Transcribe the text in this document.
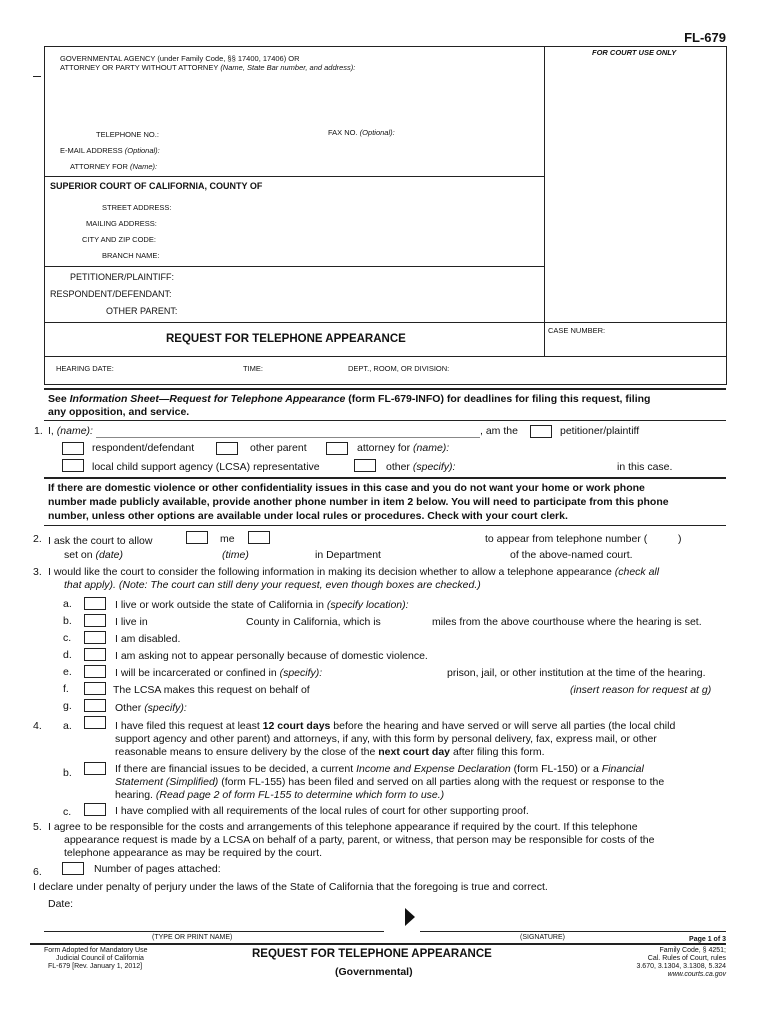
FL-679
GOVERNMENTAL AGENCY (under Family Code, §§ 17400, 17406) OR
ATTORNEY OR PARTY WITHOUT ATTORNEY (Name, State Bar number, and address):
FOR COURT USE ONLY
TELEPHONE NO.:	FAX NO. (Optional):
E-MAIL ADDRESS (Optional):
ATTORNEY FOR (Name):
SUPERIOR COURT OF CALIFORNIA, COUNTY OF
STREET ADDRESS:
MAILING ADDRESS:
CITY AND ZIP CODE:
BRANCH NAME:
PETITIONER/PLAINTIFF:
RESPONDENT/DEFENDANT:
OTHER PARENT:
REQUEST FOR TELEPHONE APPEARANCE
CASE NUMBER:
HEARING DATE:	TIME:	DEPT., ROOM, OR DIVISION:
See Information Sheet—Request for Telephone Appearance (form FL-679-INFO) for deadlines for filing this request, filing
any opposition, and service.
1. I, (name):	, am the	petitioner/plaintiff
respondent/defendant	other parent	attorney for (name):
local child support agency (LCSA) representative	other (specify):	in this case.
If there are domestic violence or other confidentiality issues in this case and you do not want your home or work phone
number made publicly available, provide another phone number in item 2 below. You will need to participate from this phone
number, unless other options are available under local rules or procedures. Check with your court clerk.
2. I ask the court to allow	me	to appear from telephone number (	)
set on (date)	(time)	in Department	of the above-named court.
3. I would like the court to consider the following information in making its decision whether to allow a telephone appearance (check all
that apply). (Note: The court can still deny your request, even though boxes are checked.)
a.	I live or work outside the state of California in (specify location):
b.	I live in	County in California, which is	miles from the above courthouse where the hearing is set.
c.	I am disabled.
d.	I am asking not to appear personally because of domestic violence.
e.	I will be incarcerated or confined in (specify):	prison, jail, or other institution at the time of the hearing.
f.	The LCSA makes this request on behalf of	(insert reason for request at g)
g.	Other (specify):
4. a.	I have filed this request at least 12 court days before the hearing and have served or will serve all parties (the local child
support agency and other parent) and attorneys, if any, with this form by personal delivery, fax, express mail, or other
reasonable means to ensure delivery by the close of the next court day after filing this form.
b.	If there are financial issues to be decided, a current Income and Expense Declaration (form FL-150) or a Financial
Statement (Simplified) (form FL-155) has been filed and served on all parties along with the request or response to the
hearing. (Read page 2 of form FL-155 to determine which form to use.)
c.	I have complied with all requirements of the local rules of court for other supporting proof.
5. I agree to be responsible for the costs and arrangements of this telephone appearance if required by the court. If this telephone
appearance request is made by a LCSA on behalf of a party, parent, or witness, that person may be responsible for costs of the
telephone appearance as may be required by the court.
6.	Number of pages attached:
I declare under penalty of perjury under the laws of the State of California that the foregoing is true and correct.
Date:
(TYPE OR PRINT NAME)	(SIGNATURE)
Form Adopted for Mandatory Use
Judicial Council of California
FL-679 [Rev. January 1, 2012]
REQUEST FOR TELEPHONE APPEARANCE
(Governmental)
Page 1 of 3
Family Code, § 4251;
Cal. Rules of Court, rules
3.670, 3.1304, 3.1308, 5.324
www.courts.ca.gov
